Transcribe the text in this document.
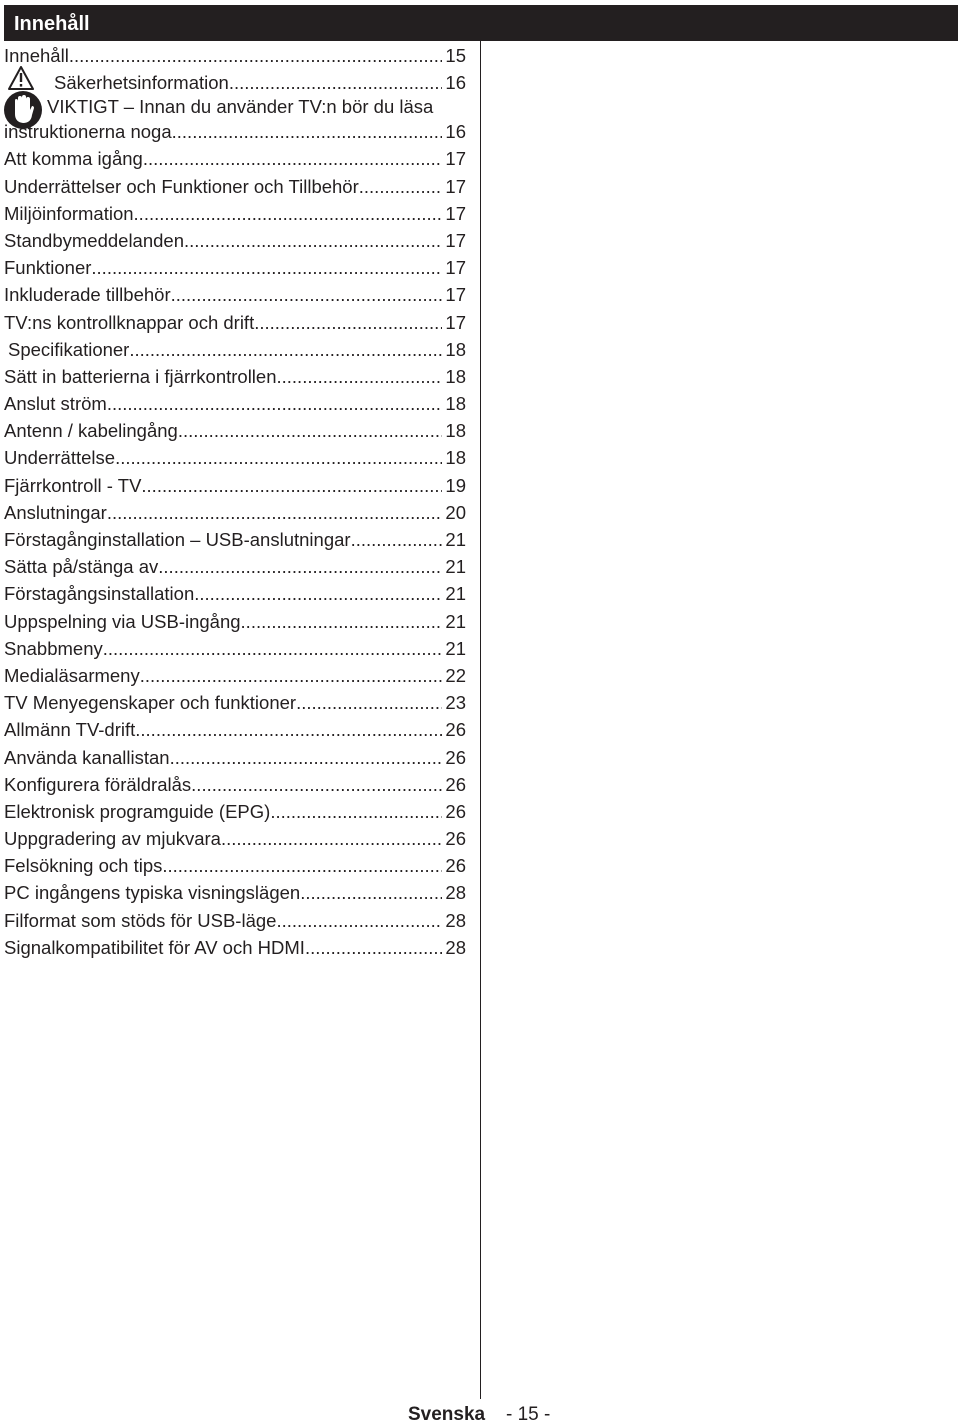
Innehåll
Innehåll .....	15
Säkerhetsinformation .....	16
VIKTIGT – Innan du använder TV:n bör du läsa
instruktionerna noga .....	16
Att komma igång .....	17
Underrättelser och Funktioner och Tillbehör .....	17
Miljöinformation .....	17
Standbymeddelanden .....	17
Funktioner .....	17
Inkluderade tillbehör .....	17
TV:ns kontrollknappar och drift. .....	17
Specifikationer .....	18
Sätt in batterierna i fjärrkontrollen .....	18
Anslut ström .....	18
Antenn / kabelingång .....	18
Underrättelse .....	18
Fjärrkontroll - TV .....	19
Anslutningar .....	20
Förstagånginstallation – USB-anslutningar .....	21
Sätta på/stänga av .....	21
Förstagångsinstallation .....	21
Uppspelning via USB-ingång .....	21
Snabbmeny .....	21
Medialäsarmeny .....	22
TV Menyegenskaper och funktioner .....	23
Allmänn TV-drift .....	26
Använda kanallistan .....	26
Konfigurera föräldralås .....	26
Elektronisk programguide (EPG) .....	26
Uppgradering av mjukvara .....	26
Felsökning och tips .....	26
PC ingångens typiska visningslägen .....	28
Filformat som stöds för USB-läge .....	28
Signalkompatibilitet för AV och HDMI .....	28
Svenska - 15 -
